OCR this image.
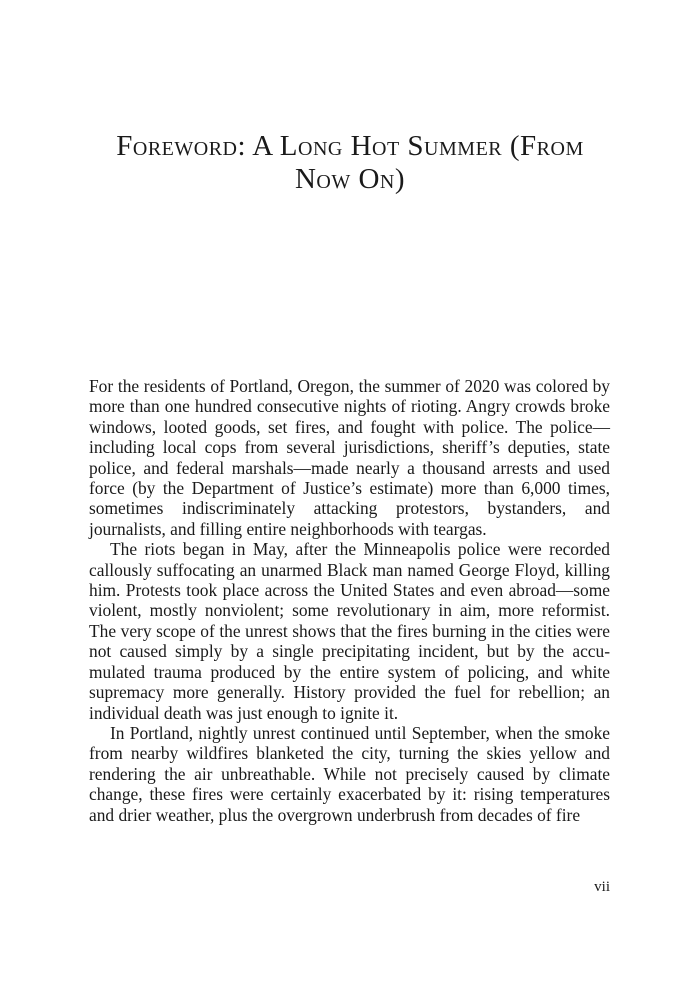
Foreword: A Long Hot Summer (From Now On)

For the residents of Portland, Oregon, the summer of 2020 was colored by more than one hundred consecutive nights of rioting. Angry crowds broke windows, looted goods, set fires, and fought with police. The police—including local cops from several jurisdictions, sheriff’s deputies, state police, and federal marshals—made nearly a thousand arrests and used force (by the Department of Justice’s estimate) more than 6,000 times, sometimes indiscriminately attacking protestors, bystanders, and journalists, and filling entire neighborhoods with teargas.

The riots began in May, after the Minneapolis police were recorded callously suffocating an unarmed Black man named George Floyd, killing him. Protests took place across the United States and even abroad—some violent, mostly nonviolent; some revolutionary in aim, more reformist. The very scope of the unrest shows that the fires burning in the cities were not caused simply by a single precipitating incident, but by the accumulated trauma produced by the entire system of policing, and white supremacy more generally. History provided the fuel for rebellion; an individual death was just enough to ignite it.

In Portland, nightly unrest continued until September, when the smoke from nearby wildfires blanketed the city, turning the skies yellow and rendering the air unbreathable. While not precisely caused by climate change, these fires were certainly exacerbated by it: rising temperatures and drier weather, plus the overgrown underbrush from decades of fire

vii
